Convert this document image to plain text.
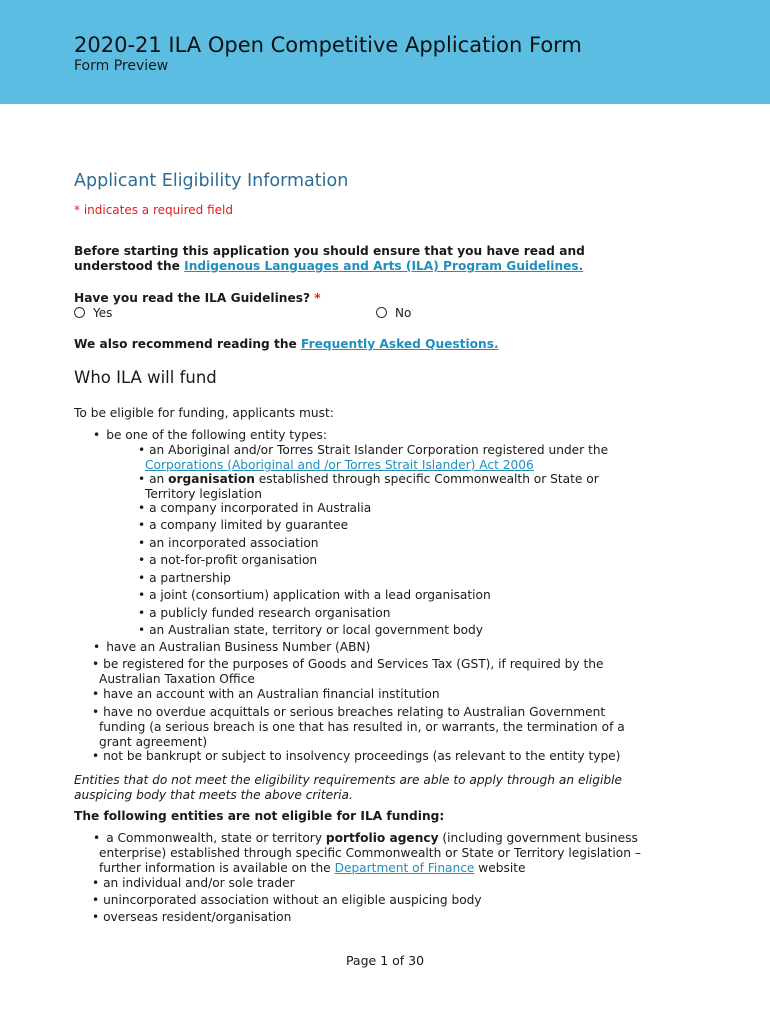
2020-21 ILA Open Competitive Application Form
Form Preview
Applicant Eligibility Information
* indicates a required field
Before starting this application you should ensure that you have read and
understood the Indigenous Languages and Arts (ILA) Program Guidelines.
Have you read the ILA Guidelines? *
Yes	No
We also recommend reading the Frequently Asked Questions.
Who ILA will fund
To be eligible for funding, applicants must:
• be one of the following entity types:
• an Aboriginal and/or Torres Strait Islander Corporation registered under the
Corporations (Aboriginal and /or Torres Strait Islander) Act 2006
• an organisation established through specific Commonwealth or State or
Territory legislation
• a company incorporated in Australia
• a company limited by guarantee
• an incorporated association
• a not-for-profit organisation
• a partnership
• a joint (consortium) application with a lead organisation
• a publicly funded research organisation
• an Australian state, territory or local government body
• have an Australian Business Number (ABN)
• be registered for the purposes of Goods and Services Tax (GST), if required by the
Australian Taxation Office
• have an account with an Australian financial institution
• have no overdue acquittals or serious breaches relating to Australian Government
funding (a serious breach is one that has resulted in, or warrants, the termination of a
grant agreement)
• not be bankrupt or subject to insolvency proceedings (as relevant to the entity type)
Entities that do not meet the eligibility requirements are able to apply through an eligible
auspicing body that meets the above criteria.
The following entities are not eligible for ILA funding:
• a Commonwealth, state or territory portfolio agency (including government business
enterprise) established through specific Commonwealth or State or Territory legislation –
further information is available on the Department of Finance website
• an individual and/or sole trader
• unincorporated association without an eligible auspicing body
• overseas resident/organisation
Page 1 of 30
